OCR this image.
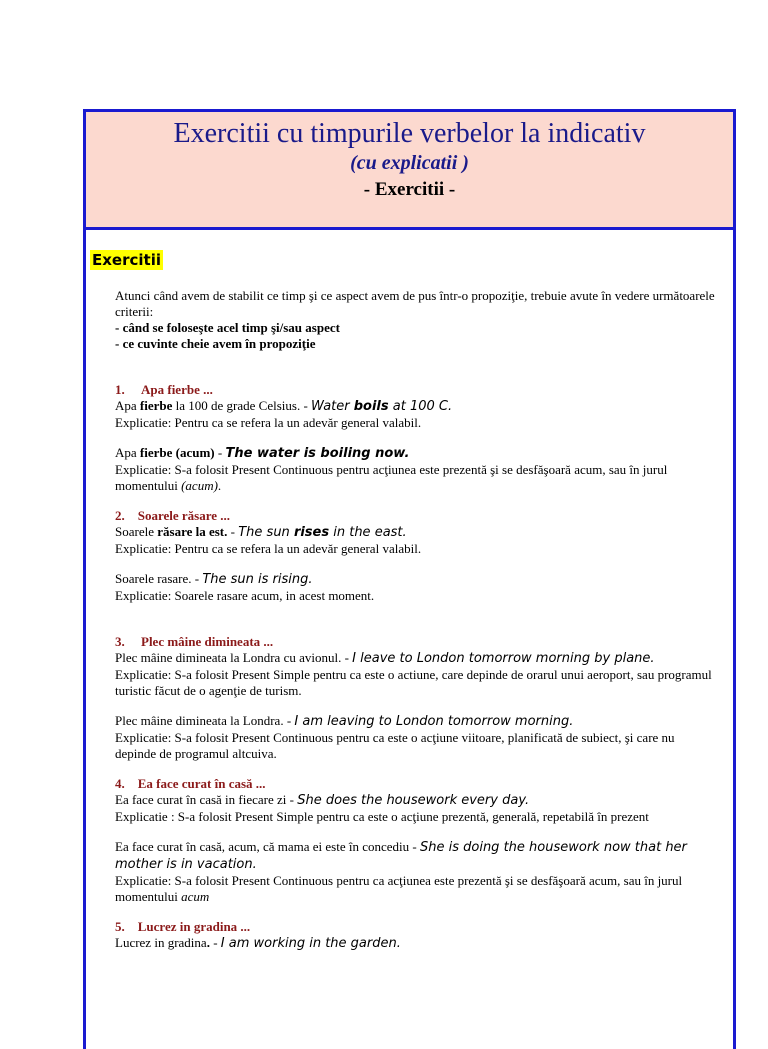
Exercitii cu timpurile verbelor la indicativ
(cu explicatii )
- Exercitii -
Exercitii

Atunci când avem de stabilit ce timp şi ce aspect avem de pus într-o propoziţie, trebuie avute în vedere următoarele criterii:

- când se foloseşte acel timp şi/sau aspect

- ce cuvinte cheie avem în propoziţie

1. Apa fierbe ...

Apa fierbe la 100 de grade Celsius. - Water boils at 100 C.

Explicatie: Pentru ca se refera la un adevăr general valabil.

Apa fierbe (acum) - The water is boiling now.

Explicatie: S-a folosit Present Continuous pentru acţiunea este prezentă şi se desfăşoară acum, sau în jurul momentului (acum).

2. Soarele răsare ...

Soarele răsare la est. - The sun rises in the east.

Explicatie: Pentru ca se refera la un adevăr general valabil.

Soarele rasare. - The sun is rising.

Explicatie: Soarele rasare acum, in acest moment.

3. Plec mâine dimineata ...

Plec mâine dimineata la Londra cu avionul. - I leave to London tomorrow morning by plane.

Explicatie: S-a folosit Present Simple pentru ca este o actiune, care depinde de orarul unui aeroport, sau programul turistic făcut de o agenţie de turism.

Plec mâine dimineata la Londra. - I am leaving to London tomorrow morning.

Explicatie: S-a folosit Present Continuous pentru ca este o acţiune viitoare, planificată de subiect, şi care nu depinde de programul altcuiva.

4. Ea face curat în casă ...

Ea face curat în casă in fiecare zi - She does the housework every day.

Explicatie : S-a folosit Present Simple pentru ca este o acţiune prezentă, generală, repetabilă în prezent

Ea face curat în casă, acum, că mama ei este în concediu - She is doing the housework now that her mother is in vacation.

Explicatie: S-a folosit Present Continuous pentru ca acţiunea este prezentă şi se desfăşoară acum, sau în jurul momentului acum

5. Lucrez in gradina ...

Lucrez in gradina. - I am working in the garden.
